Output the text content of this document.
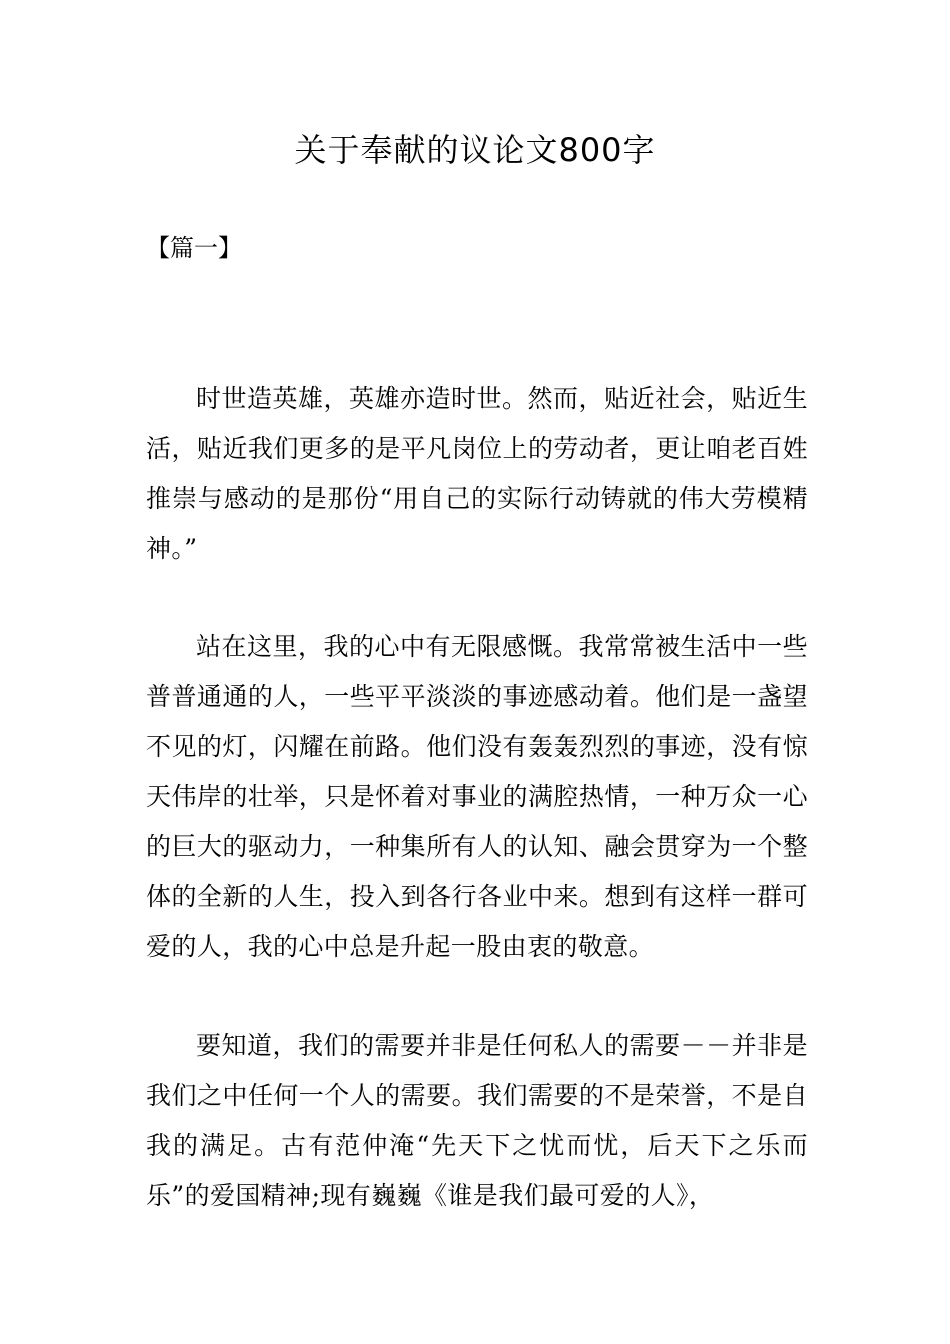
关于奉献的议论文800字

【篇一】

时世造英雄，英雄亦造时世。然而，贴近社会，贴近生活，贴近我们更多的是平凡岗位上的劳动者，更让咱老百姓推崇与感动的是那份“用自己的实际行动铸就的伟大劳模精神。”

站在这里，我的心中有无限感慨。我常常被生活中一些普普通通的人，一些平平淡淡的事迹感动着。他们是一盏望不见的灯，闪耀在前路。他们没有轰轰烈烈的事迹，没有惊天伟岸的壮举，只是怀着对事业的满腔热情，一种万众一心的巨大的驱动力，一种集所有人的认知、融会贯穿为一个整体的全新的人生，投入到各行各业中来。想到有这样一群可爱的人，我的心中总是升起一股由衷的敬意。

要知道，我们的需要并非是任何私人的需要－－并非是我们之中任何一个人的需要。我们需要的不是荣誉，不是自我的满足。古有范仲淹“先天下之忧而忧，后天下之乐而乐”的爱国精神;现有巍巍《谁是我们最可爱的人》，
